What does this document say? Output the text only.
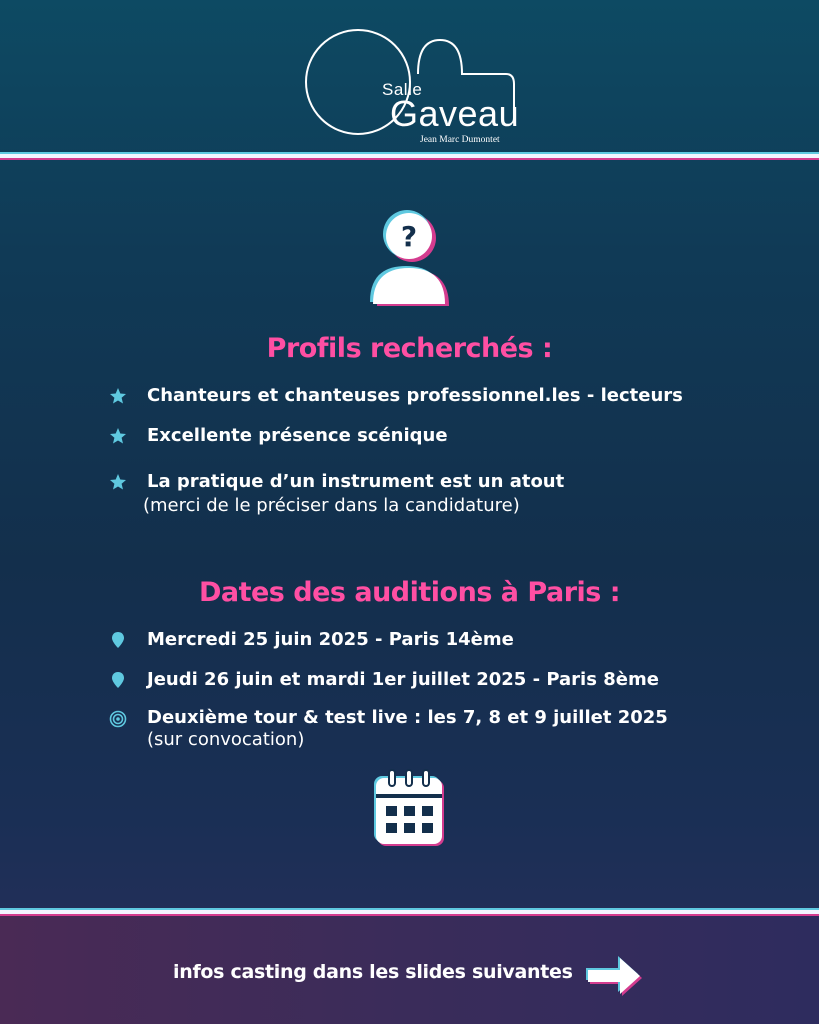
Salle
Gaveau
Jean Marc Dumontet
?
Profils recherchés :
Chanteurs et chanteuses professionnel.les - lecteurs
Excellente présence scénique
La pratique d’un instrument est un atout
(merci de le préciser dans la candidature)
Dates des auditions à Paris :
Mercredi 25 juin 2025 - Paris 14ème
Jeudi 26 juin et mardi 1er juillet 2025 - Paris 8ème
Deuxième tour & test live : les 7, 8 et 9 juillet 2025
(sur convocation)
infos casting dans les slides suivantes
